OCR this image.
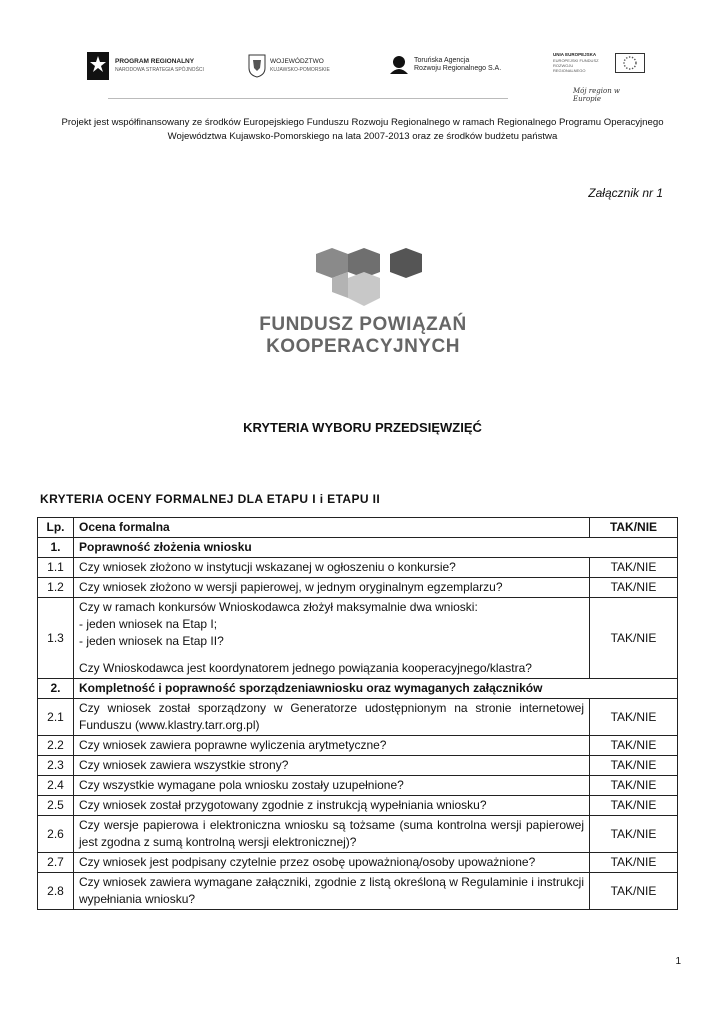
PROGRAM REGIONALNY
NARODOWA STRATEGIA SPÓJNOŚCI
WOJEWÓDZTWO
KUJAWSKO-POMORSKIE
Toruńska Agencja
Rozwoju Regionalnego S.A.
UNIA EUROPEJSKA
EUROPEJSKI FUNDUSZ ROZWOJU REGIONALNEGO
Mój region w Europie
Projekt jest współfinansowany ze środków Europejskiego Funduszu Rozwoju Regionalnego w ramach Regionalnego Programu Operacyjnego
Województwa Kujawsko-Pomorskiego na lata 2007-2013 oraz ze środków budżetu państwa
Załącznik nr 1
FUNDUSZ POWIĄZAŃ
KOOPERACYJNYCH
KRYTERIA WYBORU PRZEDSIĘWZIĘĆ
KRYTERIA OCENY FORMALNEJ DLA ETAPU I i ETAPU II
Lp.	Ocena formalna	TAK/NIE
1.	Poprawność złożenia wniosku	
1.1	Czy wniosek złożono w instytucji wskazanej w ogłoszeniu o konkursie?	TAK/NIE
1.2	Czy wniosek złożono w wersji papierowej, w jednym oryginalnym egzemplarzu?	TAK/NIE
1.3	Czy w ramach konkursów Wnioskodawca złożył maksymalnie dwa wnioski:
- jeden wniosek na Etap I;
- jeden wniosek na Etap II?
Czy Wnioskodawca jest koordynatorem jednego powiązania kooperacyjnego/klastra?	TAK/NIE
2.	Kompletność i poprawność sporządzeniawniosku oraz wymaganych załączników	
2.1	Czy wniosek został sporządzony w Generatorze udostępnionym na stronie internetowej Funduszu (www.klastry.tarr.org.pl)	TAK/NIE
2.2	Czy wniosek zawiera poprawne wyliczenia arytmetyczne?	TAK/NIE
2.3	Czy wniosek zawiera wszystkie strony?	TAK/NIE
2.4	Czy wszystkie wymagane pola wniosku zostały uzupełnione?	TAK/NIE
2.5	Czy wniosek został przygotowany zgodnie z instrukcją wypełniania wniosku?	TAK/NIE
2.6	Czy wersje papierowa i elektroniczna wniosku są tożsame (suma kontrolna wersji papierowej jest zgodna z sumą kontrolną wersji elektronicznej)?	TAK/NIE
2.7	Czy wniosek jest podpisany czytelnie przez osobę upoważnioną/osoby upoważnione?	TAK/NIE
2.8	Czy wniosek zawiera wymagane załączniki, zgodnie z listą określoną w Regulaminie i instrukcji wypełniania wniosku?	TAK/NIE
1
